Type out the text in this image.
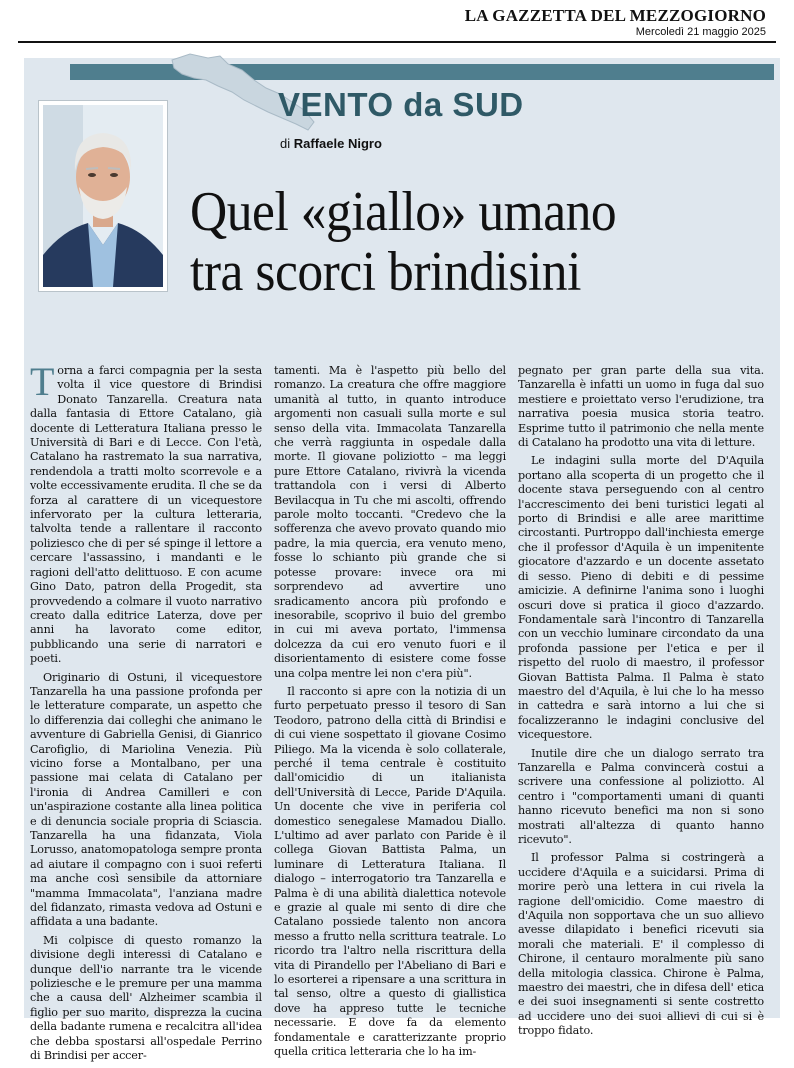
LA GAZZETTA DEL MEZZOGIORNO
Mercoledì 21 maggio 2025
VENTO da SUD
di Raffaele Nigro
Quel «giallo» umano
tra scorci brindisini

Torna a farci compagnia per la sesta volta il vice questore di Brindisi Donato Tanzarella. Creatura nata dalla fantasia di Ettore Catalano, già docente di Letteratura Italiana presso le Università di Bari e di Lecce. Con l'età, Catalano ha rastremato la sua narrativa, rendendola a tratti molto scorrevole e a volte eccessivamente erudita. Il che se da forza al carattere di un vicequestore infervorato per la cultura letteraria, talvolta tende a rallentare il racconto poliziesco che di per sé spinge il lettore a cercare l'assassino, i mandanti e le ragioni dell'atto delittuoso. E con acume Gino Dato, patron della Progedit, sta provvedendo a colmare il vuoto narrativo creato dalla editrice Laterza, dove per anni ha lavorato come editor, pubblicando una serie di narratori e poeti.

Originario di Ostuni, il vicequestore Tanzarella ha una passione profonda per le letterature comparate, un aspetto che lo differenzia dai colleghi che animano le avventure di Gabriella Genisi, di Gianrico Carofiglio, di Mariolina Venezia. Più vicino forse a Montalbano, per una passione mai celata di Catalano per l'ironia di Andrea Camilleri e con un'aspirazione costante alla linea politica e di denuncia sociale propria di Sciascia. Tanzarella ha una fidanzata, Viola Lorusso, anatomopatologa sempre pronta ad aiutare il compagno con i suoi referti ma anche così sensibile da attorniare "mamma Immacolata", l'anziana madre del fidanzato, rimasta vedova ad Ostuni e affidata a una badante.

Mi colpisce di questo romanzo la divisione degli interessi di Catalano e dunque dell'io narrante tra le vicende poliziesche e le premure per una mamma che a causa dell' Alzheimer scambia il figlio per suo marito, disprezza la cucina della badante rumena e recalcitra all'idea che debba spostarsi all'ospedale Perrino di Brindisi per accer-

tamenti. Ma è l'aspetto più bello del romanzo. La creatura che offre maggiore umanità al tutto, in quanto introduce argomenti non casuali sulla morte e sul senso della vita. Immacolata Tanzarella che verrà raggiunta in ospedale dalla morte. Il giovane poliziotto – ma leggi pure Ettore Catalano, rivivrà la vicenda trattandola con i versi di Alberto Bevilacqua in Tu che mi ascolti, offrendo parole molto toccanti. "Credevo che la sofferenza che avevo provato quando mio padre, la mia quercia, era venuto meno, fosse lo schianto più grande che si potesse provare: invece ora mi sorprendevo ad avvertire uno sradicamento ancora più profondo e inesorabile, scoprivo il buio del grembo in cui mi aveva portato, l'immensa dolcezza da cui ero venuto fuori e il disorientamento di esistere come fosse una colpa mentre lei non c'era più".

Il racconto si apre con la notizia di un furto perpetuato presso il tesoro di San Teodoro, patrono della città di Brindisi e di cui viene sospettato il giovane Cosimo Piliego. Ma la vicenda è solo collaterale, perché il tema centrale è costituito dall'omicidio di un italianista dell'Università di Lecce, Paride D'Aquila. Un docente che vive in periferia col domestico senegalese Mamadou Diallo. L'ultimo ad aver parlato con Paride è il collega Giovan Battista Palma, un luminare di Letteratura Italiana. Il dialogo – interrogatorio tra Tanzarella e Palma è di una abilità dialettica notevole e grazie al quale mi sento di dire che Catalano possiede talento non ancora messo a frutto nella scrittura teatrale. Lo ricordo tra l'altro nella riscrittura della vita di Pirandello per l'Abeliano di Bari e lo esorterei a ripensare a una scrittura in tal senso, oltre a questo di giallistica dove ha appreso tutte le tecniche necessarie. E dove fa da elemento fondamentale e caratterizzante proprio quella critica letteraria che lo ha im-

pegnato per gran parte della sua vita. Tanzarella è infatti un uomo in fuga dal suo mestiere e proiettato verso l'erudizione, tra narrativa poesia musica storia teatro. Esprime tutto il patrimonio che nella mente di Catalano ha prodotto una vita di letture.

Le indagini sulla morte del D'Aquila portano alla scoperta di un progetto che il docente stava perseguendo con al centro l'accrescimento dei beni turistici legati al porto di Brindisi e alle aree marittime circostanti. Purtroppo dall'inchiesta emerge che il professor d'Aquila è un impenitente giocatore d'azzardo e un docente assetato di sesso. Pieno di debiti e di pessime amicizie. A definirne l'anima sono i luoghi oscuri dove si pratica il gioco d'azzardo. Fondamentale sarà l'incontro di Tanzarella con un vecchio luminare circondato da una profonda passione per l'etica e per il rispetto del ruolo di maestro, il professor Giovan Battista Palma. Il Palma è stato maestro del d'Aquila, è lui che lo ha messo in cattedra e sarà intorno a lui che si focalizzeranno le indagini conclusive del vicequestore.

Inutile dire che un dialogo serrato tra Tanzarella e Palma convincerà costui a scrivere una confessione al poliziotto. Al centro i "comportamenti umani di quanti hanno ricevuto benefici ma non si sono mostrati all'altezza di quanto hanno ricevuto".

Il professor Palma si costringerà a uccidere d'Aquila e a suicidarsi. Prima di morire però una lettera in cui rivela la ragione dell'omicidio. Come maestro di d'Aquila non sopportava che un suo allievo avesse dilapidato i benefici ricevuti sia morali che materiali. E' il complesso di Chirone, il centauro moralmente più sano della mitologia classica. Chirone è Palma, maestro dei maestri, che in difesa dell' etica e dei suoi insegnamenti si sente costretto ad uccidere uno dei suoi allievi di cui si è troppo fidato.
